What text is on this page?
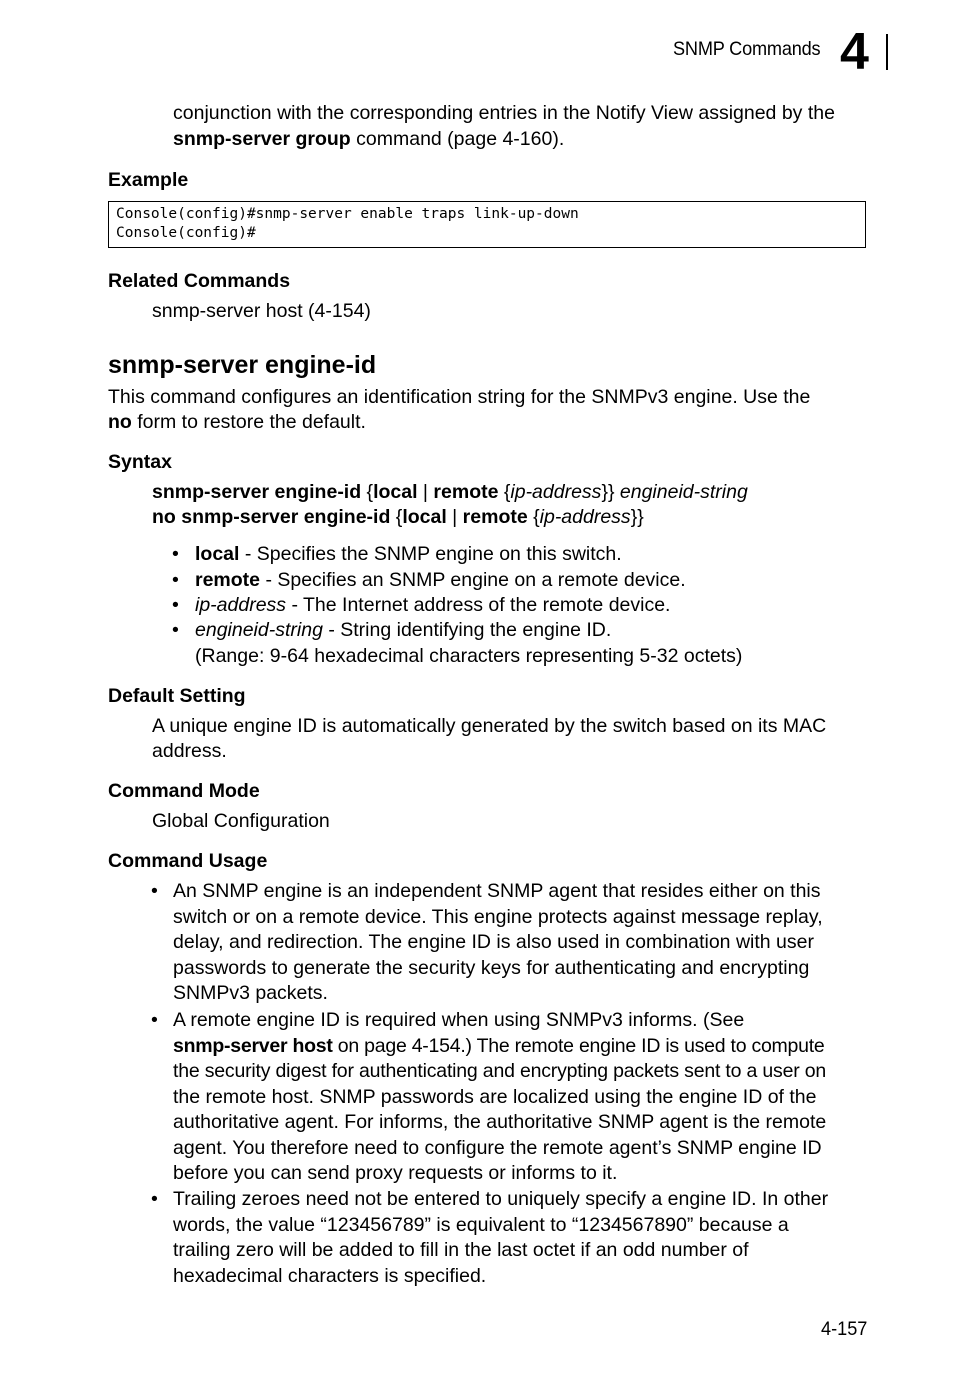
SNMP Commands 4
conjunction with the corresponding entries in the Notify View assigned by the
snmp-server group command (page 4-160).
Example
Console(config)#snmp-server enable traps link-up-down
Console(config)#
Related Commands
snmp-server host (4-154)
snmp-server engine-id
This command configures an identification string for the SNMPv3 engine. Use the
no form to restore the default.
Syntax
snmp-server engine-id {local | remote {ip-address}} engineid-string
no snmp-server engine-id {local | remote {ip-address}}
• local - Specifies the SNMP engine on this switch.
• remote - Specifies an SNMP engine on a remote device.
• ip-address - The Internet address of the remote device.
• engineid-string - String identifying the engine ID.
(Range: 9-64 hexadecimal characters representing 5-32 octets)
Default Setting
A unique engine ID is automatically generated by the switch based on its MAC
address.
Command Mode
Global Configuration
Command Usage
• An SNMP engine is an independent SNMP agent that resides either on this
switch or on a remote device. This engine protects against message replay,
delay, and redirection. The engine ID is also used in combination with user
passwords to generate the security keys for authenticating and encrypting
SNMPv3 packets.
• A remote engine ID is required when using SNMPv3 informs. (See
snmp-server host on page 4-154.) The remote engine ID is used to compute
the security digest for authenticating and encrypting packets sent to a user on
the remote host. SNMP passwords are localized using the engine ID of the
authoritative agent. For informs, the authoritative SNMP agent is the remote
agent. You therefore need to configure the remote agent’s SNMP engine ID
before you can send proxy requests or informs to it.
• Trailing zeroes need not be entered to uniquely specify a engine ID. In other
words, the value “123456789” is equivalent to “1234567890” because a
trailing zero will be added to fill in the last octet if an odd number of
hexadecimal characters is specified.
4-157
